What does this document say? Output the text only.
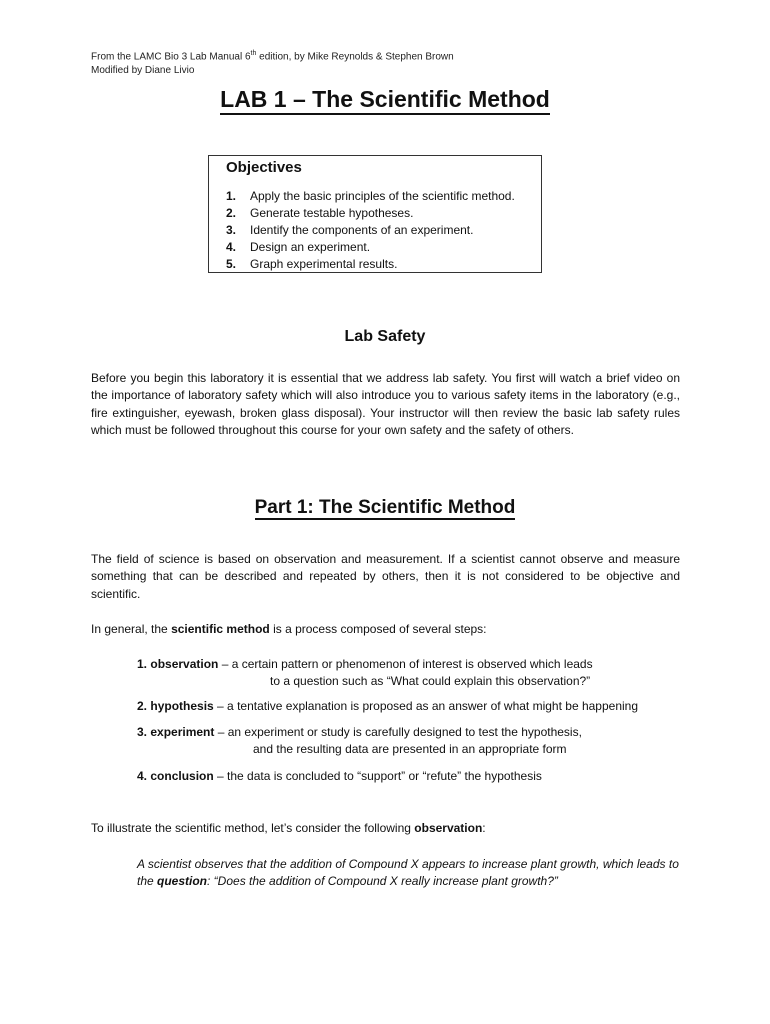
From the LAMC Bio 3 Lab Manual 6th edition, by Mike Reynolds & Stephen Brown
Modified by Diane Livio
LAB 1 – The Scientific Method
Objectives
1. Apply the basic principles of the scientific method.
2. Generate testable hypotheses.
3. Identify the components of an experiment.
4. Design an experiment.
5. Graph experimental results.
Lab Safety

Before you begin this laboratory it is essential that we address lab safety. You first will watch a brief video on the importance of laboratory safety which will also introduce you to various safety items in the laboratory (e.g., fire extinguisher, eyewash, broken glass disposal). Your instructor will then review the basic lab safety rules which must be followed throughout this course for your own safety and the safety of others.

Part 1: The Scientific Method

The field of science is based on observation and measurement. If a scientist cannot observe and measure something that can be described and repeated by others, then it is not considered to be objective and scientific.

In general, the scientific method is a process composed of several steps:

1. observation – a certain pattern or phenomenon of interest is observed which leads
to a question such as “What could explain this observation?”
2. hypothesis – a tentative explanation is proposed as an answer of what might be happening
3. experiment – an experiment or study is carefully designed to test the hypothesis,
and the resulting data are presented in an appropriate form
4. conclusion – the data is concluded to “support” or “refute” the hypothesis

To illustrate the scientific method, let’s consider the following observation:

A scientist observes that the addition of Compound X appears to increase plant growth, which leads to the question: “Does the addition of Compound X really increase plant growth?”
